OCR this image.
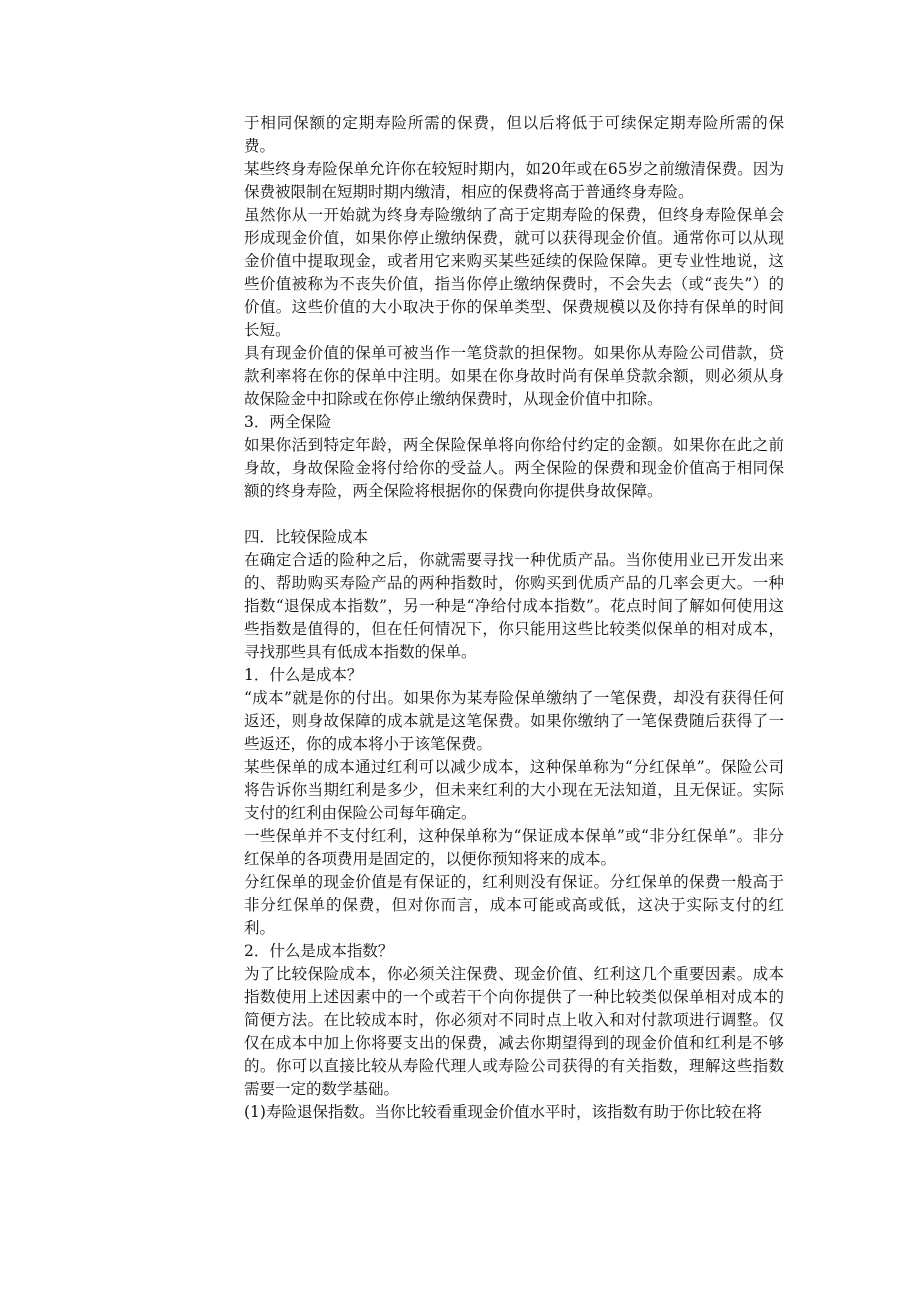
于相同保额的定期寿险所需的保费，但以后将低于可续保定期寿险所需的保费。

某些终身寿险保单允许你在较短时期内，如20年或在65岁之前缴清保费。因为保费被限制在短期时期内缴清，相应的保费将高于普通终身寿险。

虽然你从一开始就为终身寿险缴纳了高于定期寿险的保费，但终身寿险保单会形成现金价值，如果你停止缴纳保费，就可以获得现金价值。通常你可以从现金价值中提取现金，或者用它来购买某些延续的保险保障。更专业性地说，这些价值被称为不丧失价值，指当你停止缴纳保费时，不会失去（或“丧失”）的价值。这些价值的大小取决于你的保单类型、保费规模以及你持有保单的时间长短。

具有现金价值的保单可被当作一笔贷款的担保物。如果你从寿险公司借款，贷款利率将在你的保单中注明。如果在你身故时尚有保单贷款余额，则必须从身故保险金中扣除或在你停止缴纳保费时，从现金价值中扣除。

3．两全保险

如果你活到特定年龄，两全保险保单将向你给付约定的金额。如果你在此之前身故，身故保险金将付给你的受益人。两全保险的保费和现金价值高于相同保额的终身寿险，两全保险将根据你的保费向你提供身故保障。

四．比较保险成本

在确定合适的险种之后，你就需要寻找一种优质产品。当你使用业已开发出来的、帮助购买寿险产品的两种指数时，你购买到优质产品的几率会更大。一种指数“退保成本指数”，另一种是“净给付成本指数”。花点时间了解如何使用这些指数是值得的，但在任何情况下，你只能用这些比较类似保单的相对成本，寻找那些具有低成本指数的保单。

1．什么是成本？

“成本”就是你的付出。如果你为某寿险保单缴纳了一笔保费，却没有获得任何返还，则身故保障的成本就是这笔保费。如果你缴纳了一笔保费随后获得了一些返还，你的成本将小于该笔保费。

某些保单的成本通过红利可以减少成本，这种保单称为“分红保单”。保险公司将告诉你当期红利是多少，但未来红利的大小现在无法知道，且无保证。实际支付的红利由保险公司每年确定。

一些保单并不支付红利，这种保单称为“保证成本保单”或“非分红保单”。非分红保单的各项费用是固定的，以便你预知将来的成本。

分红保单的现金价值是有保证的，红利则没有保证。分红保单的保费一般高于非分红保单的保费，但对你而言，成本可能或高或低，这决于实际支付的红利。

2．什么是成本指数？

为了比较保险成本，你必须关注保费、现金价值、红利这几个重要因素。成本指数使用上述因素中的一个或若干个向你提供了一种比较类似保单相对成本的简便方法。在比较成本时，你必须对不同时点上收入和对付款项进行调整。仅仅在成本中加上你将要支出的保费，减去你期望得到的现金价值和红利是不够的。你可以直接比较从寿险代理人或寿险公司获得的有关指数，理解这些指数需要一定的数学基础。

(1)寿险退保指数。当你比较看重现金价值水平时，该指数有助于你比较在将
